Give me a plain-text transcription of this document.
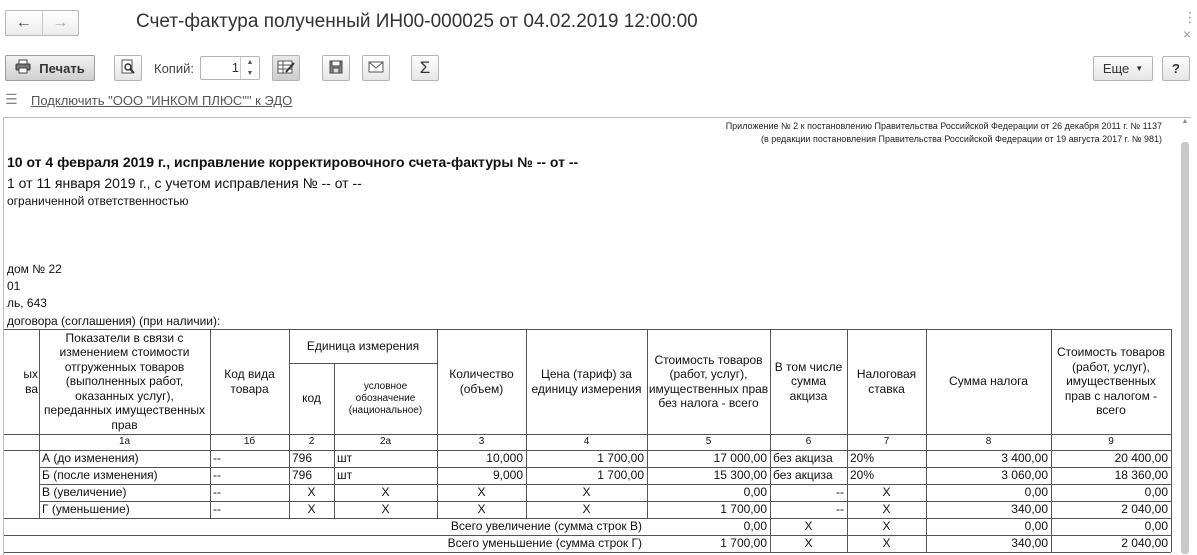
← →	Счет-фактура полученный ИН00-000025 от 04.02.2019 12:00:00	⋮
×
Печать	Копий:
1	▲
▼	Σ	Еще ▼	?
☰ Подключить "ООО "ИНКОМ ПЛЮС"" к ЭДО
Приложение № 2 к постановлению Правительства Российской Федерации от 26 декабря 2011 г. № 1137
(в редакции постановления Правительства Российской Федерации от 19 августа 2017 г. № 981)
10 от 4 февраля 2019 г., исправление корректировочного счета-фактуры № -- от --
1 от 11 января 2019 г., с учетом исправления № -- от --
ограниченной ответственностью
дом № 22
01
ль, 643
договора (соглашения) (при наличии):
ых
ва
Показатели в связи с изменением стоимости отгруженных товаров (выполненных работ, оказанных услуг), переданных имущественных прав
Код вида товара
Единица измерения
код
условное обозначение (национальное)
Количество (объем)
Цена (тариф) за единицу измерения
Стоимость товаров (работ, услуг), имущественных прав без налога - всего
В том числе сумма акциза
Налоговая ставка
Сумма налога
Стоимость товаров (работ, услуг), имущественных прав с налогом - всего
1а	1б	2	2а	3	4	5	6	7	8	9
А (до изменения)	--	796	шт	10,000	1 700,00	17 000,00 без акциза	20%	3 400,00	20 400,00
Б (после изменения)	--	796	шт	9,000	1 700,00	15 300,00 без акциза	20%	3 060,00	18 360,00
В (увеличение)	--	X	X	X	X	0,00	--	X	0,00	0,00
Г (уменьшение)	--	X	X	X	X	1 700,00	--	X	340,00	2 040,00
Всего увеличение (сумма строк В)	0,00	X	X	0,00	0,00
Всего уменьшение (сумма строк Г)	1 700,00	X	X	340,00	2 040,00
▲
